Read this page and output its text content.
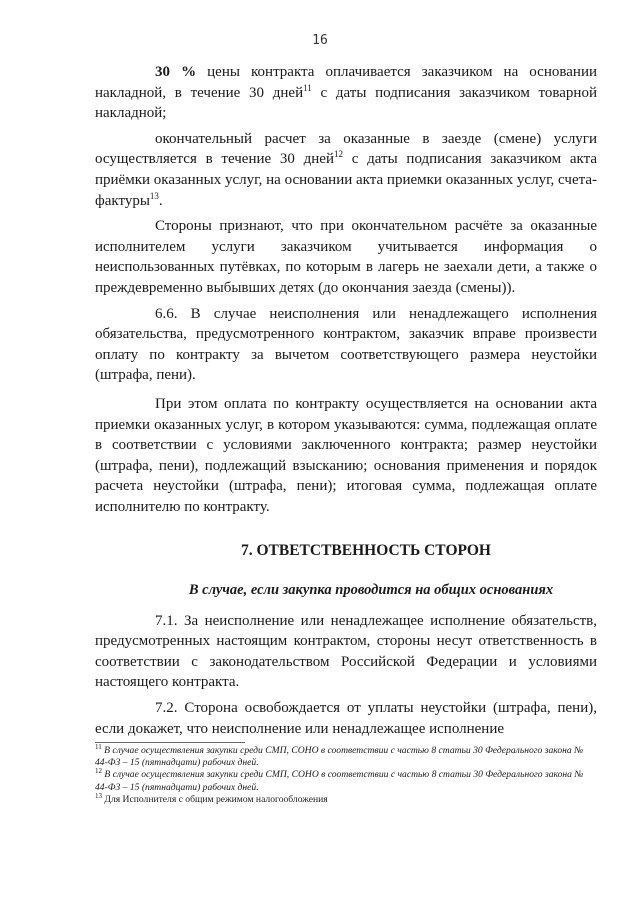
16

30 % цены контракта оплачивается заказчиком на основании накладной, в течение 30 дней$^{11}$ с даты подписания заказчиком товарной накладной;

окончательный расчет за оказанные в заезде (смене) услуги осуществляется в течение 30 дней$^{12}$ с даты подписания заказчиком акта приёмки оказанных услуг, на основании акта приемки оказанных услуг, счета-фактуры$^{13}$.

Стороны признают, что при окончательном расчёте за оказанные исполнителем услуги заказчиком учитывается информация о неиспользованных путёвках, по которым в лагерь не заехали дети, а также о преждевременно выбывших детях (до окончания заезда (смены)).

6.6. В случае неисполнения или ненадлежащего исполнения обязательства, предусмотренного контрактом, заказчик вправе произвести оплату по контракту за вычетом соответствующего размера неустойки (штрафа, пени).

При этом оплата по контракту осуществляется на основании акта приемки оказанных услуг, в котором указываются: сумма, подлежащая оплате в соответствии с условиями заключенного контракта; размер неустойки (штрафа, пени), подлежащий взысканию; основания применения и порядок расчета неустойки (штрафа, пени); итоговая сумма, подлежащая оплате исполнителю по контракту.

7. ОТВЕТСТВЕННОСТЬ СТОРОН
В случае, если закупка проводится на общих основаниях

7.1. За неисполнение или ненадлежащее исполнение обязательств, предусмотренных настоящим контрактом, стороны несут ответственность в соответствии с законодательством Российской Федерации и условиями настоящего контракта.

7.2. Сторона освобождается от уплаты неустойки (штрафа, пени), если докажет, что неисполнение или ненадлежащее исполнение

$^{11}$ В случае осуществления закупки среди СМП, СОНО в соответствии с частью 8 статьи 30 Федерального закона № 44-ФЗ – 15 (пятнадцати) рабочих дней.

$^{12}$ В случае осуществления закупки среди СМП, СОНО в соответствии с частью 8 статьи 30 Федерального закона № 44-ФЗ – 15 (пятнадцати) рабочих дней.

$^{13}$ Для Исполнителя с общим режимом налогообложения
